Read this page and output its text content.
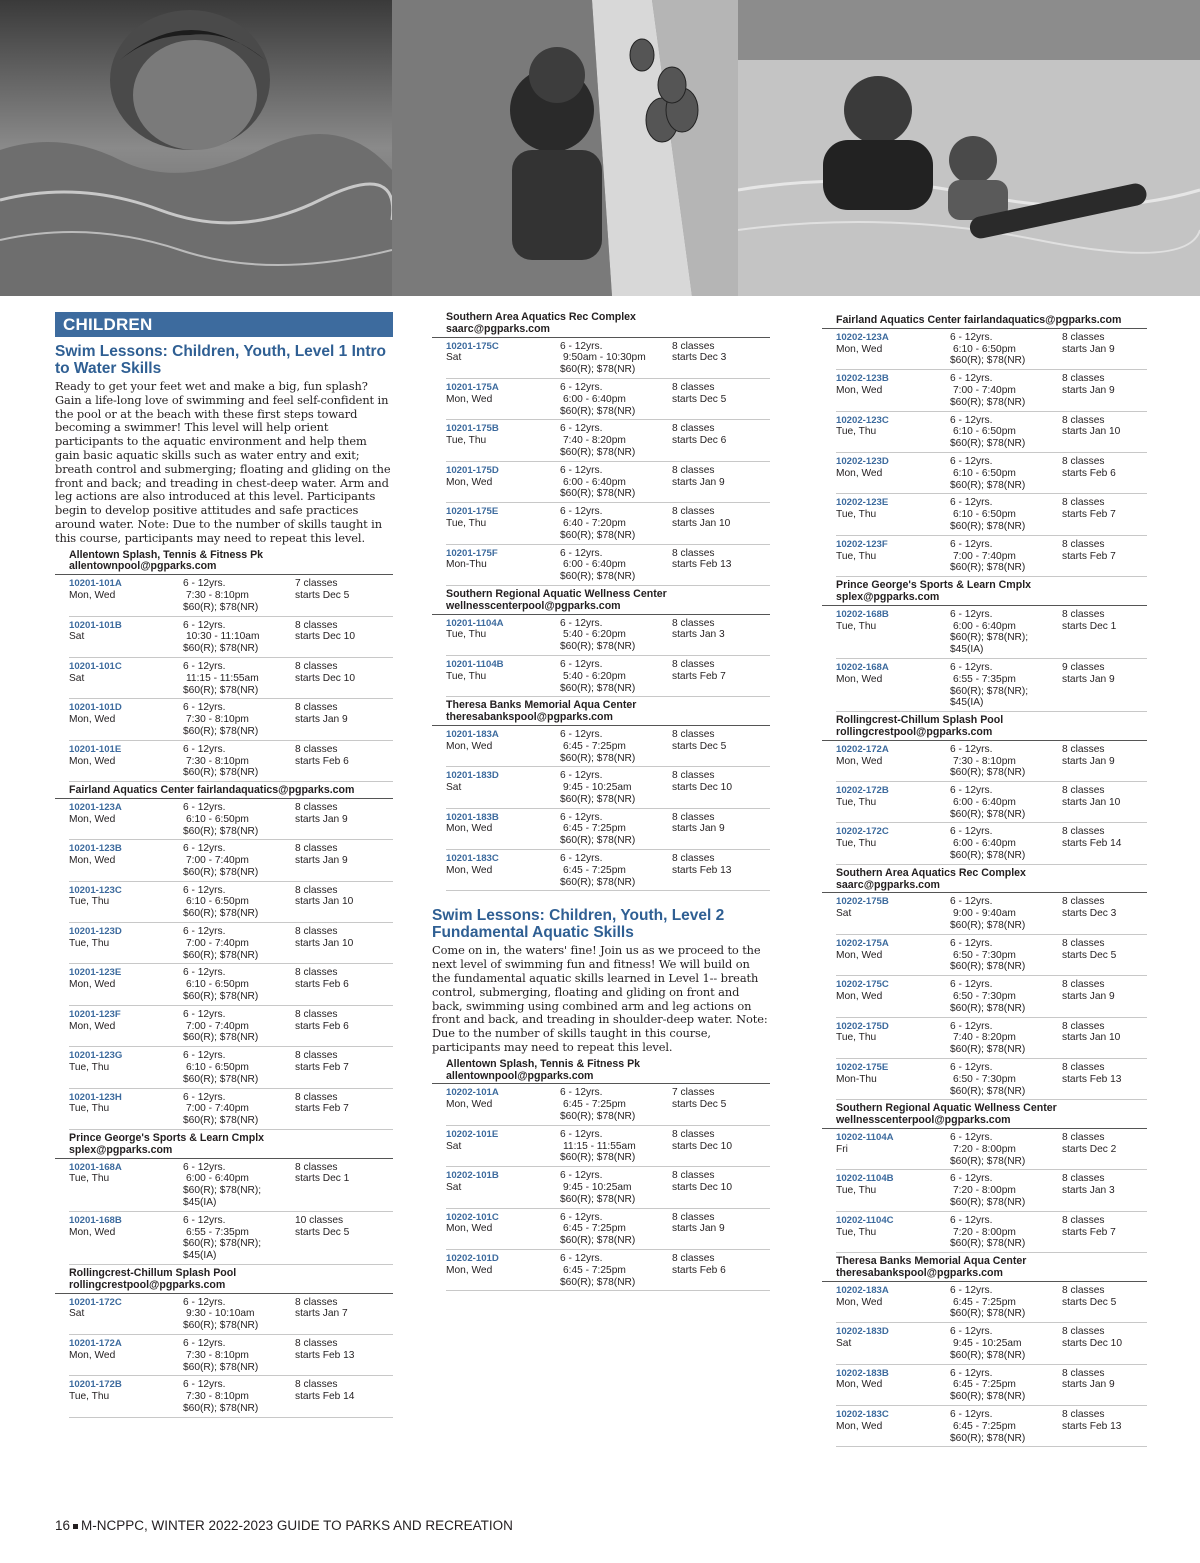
CHILDREN
Swim Lessons: Children, Youth, Level 1 Intro to Water Skills
Ready to get your feet wet and make a big, fun splash? Gain a life-long love of swimming and feel self-confident in the pool or at the beach with these first steps toward becoming a swimmer! This level will help orient participants to the aquatic environment and help them gain basic aquatic skills such as water entry and exit; breath control and submerging; floating and gliding on the front and back; and treading in chest-deep water. Arm and leg actions are also introduced at this level. Participants begin to develop positive attitudes and safe practices around water. Note: Due to the number of skills taught in this course, participants may need to repeat this level.
Allentown Splash, Tennis & Fitness Pk
allentownpool@pgparks.com
10201-101A
Mon, Wed
6 - 12yrs.
7:30 - 8:10pm
$60(R); $78(NR)
7 classes
starts Dec 5
10201-101B
Sat
6 - 12yrs.
10:30 - 11:10am
$60(R); $78(NR)
8 classes
starts Dec 10
10201-101C
Sat
6 - 12yrs.
11:15 - 11:55am
$60(R); $78(NR)
8 classes
starts Dec 10
10201-101D
Mon, Wed
6 - 12yrs.
7:30 - 8:10pm
$60(R); $78(NR)
8 classes
starts Jan 9
10201-101E
Mon, Wed
6 - 12yrs.
7:30 - 8:10pm
$60(R); $78(NR)
8 classes
starts Feb 6
Fairland Aquatics Center fairlandaquatics@pgparks.com
10201-123A
Mon, Wed
6 - 12yrs.
6:10 - 6:50pm
$60(R); $78(NR)
8 classes
starts Jan 9
10201-123B
Mon, Wed
6 - 12yrs.
7:00 - 7:40pm
$60(R); $78(NR)
8 classes
starts Jan 9
10201-123C
Tue, Thu
6 - 12yrs.
6:10 - 6:50pm
$60(R); $78(NR)
8 classes
starts Jan 10
10201-123D
Tue, Thu
6 - 12yrs.
7:00 - 7:40pm
$60(R); $78(NR)
8 classes
starts Jan 10
10201-123E
Mon, Wed
6 - 12yrs.
6:10 - 6:50pm
$60(R); $78(NR)
8 classes
starts Feb 6
10201-123F
Mon, Wed
6 - 12yrs.
7:00 - 7:40pm
$60(R); $78(NR)
8 classes
starts Feb 6
10201-123G
Tue, Thu
6 - 12yrs.
6:10 - 6:50pm
$60(R); $78(NR)
8 classes
starts Feb 7
10201-123H
Tue, Thu
6 - 12yrs.
7:00 - 7:40pm
$60(R); $78(NR)
8 classes
starts Feb 7
Prince George's Sports & Learn Cmplx
splex@pgparks.com
10201-168A
Tue, Thu
6 - 12yrs.
6:00 - 6:40pm
$60(R); $78(NR); $45(IA)
8 classes
starts Dec 1
10201-168B
Mon, Wed
6 - 12yrs.
6:55 - 7:35pm
$60(R); $78(NR); $45(IA)
10 classes
starts Dec 5
Rollingcrest-Chillum Splash Pool
rollingcrestpool@pgparks.com
10201-172C
Sat
6 - 12yrs.
9:30 - 10:10am
$60(R); $78(NR)
8 classes
starts Jan 7
10201-172A
Mon, Wed
6 - 12yrs.
7:30 - 8:10pm
$60(R); $78(NR)
8 classes
starts Feb 13
10201-172B
Tue, Thu
6 - 12yrs.
7:30 - 8:10pm
$60(R); $78(NR)
8 classes
starts Feb 14
Southern Area Aquatics Rec Complex
saarc@pgparks.com
10201-175C
Sat
6 - 12yrs.
9:50am - 10:30pm
$60(R); $78(NR)
8 classes
starts Dec 3
10201-175A
Mon, Wed
6 - 12yrs.
6:00 - 6:40pm
$60(R); $78(NR)
8 classes
starts Dec 5
10201-175B
Tue, Thu
6 - 12yrs.
7:40 - 8:20pm
$60(R); $78(NR)
8 classes
starts Dec 6
10201-175D
Mon, Wed
6 - 12yrs.
6:00 - 6:40pm
$60(R); $78(NR)
8 classes
starts Jan 9
10201-175E
Tue, Thu
6 - 12yrs.
6:40 - 7:20pm
$60(R); $78(NR)
8 classes
starts Jan 10
10201-175F
Mon-Thu
6 - 12yrs.
6:00 - 6:40pm
$60(R); $78(NR)
8 classes
starts Feb 13
Southern Regional Aquatic Wellness Center
wellnesscenterpool@pgparks.com
10201-1104A
Tue, Thu
6 - 12yrs.
5:40 - 6:20pm
$60(R); $78(NR)
8 classes
starts Jan 3
10201-1104B
Tue, Thu
6 - 12yrs.
5:40 - 6:20pm
$60(R); $78(NR)
8 classes
starts Feb 7
Theresa Banks Memorial Aqua Center
theresabankspool@pgparks.com
10201-183A
Mon, Wed
6 - 12yrs.
6:45 - 7:25pm
$60(R); $78(NR)
8 classes
starts Dec 5
10201-183D
Sat
6 - 12yrs.
9:45 - 10:25am
$60(R); $78(NR)
8 classes
starts Dec 10
10201-183B
Mon, Wed
6 - 12yrs.
6:45 - 7:25pm
$60(R); $78(NR)
8 classes
starts Jan 9
10201-183C
Mon, Wed
6 - 12yrs.
6:45 - 7:25pm
$60(R); $78(NR)
8 classes
starts Feb 13
Swim Lessons: Children, Youth, Level 2 Fundamental Aquatic Skills
Come on in, the waters' fine! Join us as we proceed to the next level of swimming fun and fitness! We will build on the fundamental aquatic skills learned in Level 1-- breath control, submerging, floating and gliding on front and back, swimming using combined arm and leg actions on front and back, and treading in shoulder-deep water. Note: Due to the number of skills taught in this course, participants may need to repeat this level.
Allentown Splash, Tennis & Fitness Pk
allentownpool@pgparks.com
10202-101A
Mon, Wed
6 - 12yrs.
6:45 - 7:25pm
$60(R); $78(NR)
7 classes
starts Dec 5
10202-101E
Sat
6 - 12yrs.
11:15 - 11:55am
$60(R); $78(NR)
8 classes
starts Dec 10
10202-101B
Sat
6 - 12yrs.
9:45 - 10:25am
$60(R); $78(NR)
8 classes
starts Dec 10
10202-101C
Mon, Wed
6 - 12yrs.
6:45 - 7:25pm
$60(R); $78(NR)
8 classes
starts Jan 9
10202-101D
Mon, Wed
6 - 12yrs.
6:45 - 7:25pm
$60(R); $78(NR)
8 classes
starts Feb 6
Fairland Aquatics Center fairlandaquatics@pgparks.com
10202-123A
Mon, Wed
6 - 12yrs.
6:10 - 6:50pm
$60(R); $78(NR)
8 classes
starts Jan 9
10202-123B
Mon, Wed
6 - 12yrs.
7:00 - 7:40pm
$60(R); $78(NR)
8 classes
starts Jan 9
10202-123C
Tue, Thu
6 - 12yrs.
6:10 - 6:50pm
$60(R); $78(NR)
8 classes
starts Jan 10
10202-123D
Mon, Wed
6 - 12yrs.
6:10 - 6:50pm
$60(R); $78(NR)
8 classes
starts Feb 6
10202-123E
Tue, Thu
6 - 12yrs.
6:10 - 6:50pm
$60(R); $78(NR)
8 classes
starts Feb 7
10202-123F
Tue, Thu
6 - 12yrs.
7:00 - 7:40pm
$60(R); $78(NR)
8 classes
starts Feb 7
Prince George's Sports & Learn Cmplx
splex@pgparks.com
10202-168B
Tue, Thu
6 - 12yrs.
6:00 - 6:40pm
$60(R); $78(NR); $45(IA)
8 classes
starts Dec 1
10202-168A
Mon, Wed
6 - 12yrs.
6:55 - 7:35pm
$60(R); $78(NR); $45(IA)
9 classes
starts Jan 9
Rollingcrest-Chillum Splash Pool
rollingcrestpool@pgparks.com
10202-172A
Mon, Wed
6 - 12yrs.
7:30 - 8:10pm
$60(R); $78(NR)
8 classes
starts Jan 9
10202-172B
Tue, Thu
6 - 12yrs.
6:00 - 6:40pm
$60(R); $78(NR)
8 classes
starts Jan 10
10202-172C
Tue, Thu
6 - 12yrs.
6:00 - 6:40pm
$60(R); $78(NR)
8 classes
starts Feb 14
Southern Area Aquatics Rec Complex
saarc@pgparks.com
10202-175B
Sat
6 - 12yrs.
9:00 - 9:40am
$60(R); $78(NR)
8 classes
starts Dec 3
10202-175A
Mon, Wed
6 - 12yrs.
6:50 - 7:30pm
$60(R); $78(NR)
8 classes
starts Dec 5
10202-175C
Mon, Wed
6 - 12yrs.
6:50 - 7:30pm
$60(R); $78(NR)
8 classes
starts Jan 9
10202-175D
Tue, Thu
6 - 12yrs.
7:40 - 8:20pm
$60(R); $78(NR)
8 classes
starts Jan 10
10202-175E
Mon-Thu
6 - 12yrs.
6:50 - 7:30pm
$60(R); $78(NR)
8 classes
starts Feb 13
Southern Regional Aquatic Wellness Center
wellnesscenterpool@pgparks.com
10202-1104A
Fri
6 - 12yrs.
7:20 - 8:00pm
$60(R); $78(NR)
8 classes
starts Dec 2
10202-1104B
Tue, Thu
6 - 12yrs.
7:20 - 8:00pm
$60(R); $78(NR)
8 classes
starts Jan 3
10202-1104C
Tue, Thu
6 - 12yrs.
7:20 - 8:00pm
$60(R); $78(NR)
8 classes
starts Feb 7
Theresa Banks Memorial Aqua Center
theresabankspool@pgparks.com
10202-183A
Mon, Wed
6 - 12yrs.
6:45 - 7:25pm
$60(R); $78(NR)
8 classes
starts Dec 5
10202-183D
Sat
6 - 12yrs.
9:45 - 10:25am
$60(R); $78(NR)
8 classes
starts Dec 10
10202-183B
Mon, Wed
6 - 12yrs.
6:45 - 7:25pm
$60(R); $78(NR)
8 classes
starts Jan 9
10202-183C
Mon, Wed
6 - 12yrs.
6:45 - 7:25pm
$60(R); $78(NR)
8 classes
starts Feb 13
16 M-NCPPC, WINTER 2022-2023 GUIDE TO PARKS AND RECREATION
